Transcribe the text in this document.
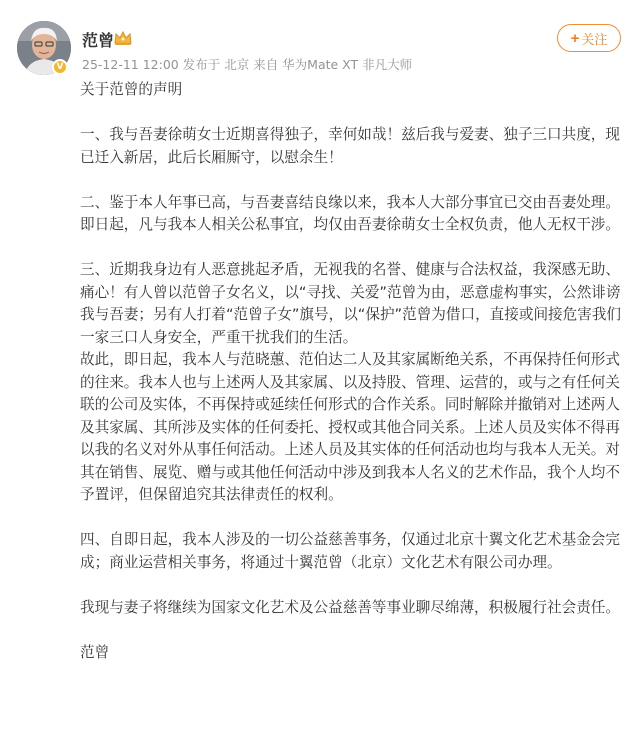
V
范曾
25-12-11 12:00 发布于 北京 来自 华为Mate XT 非凡大师
+ 关注

关于范曾的声明

一、我与吾妻徐萌女士近期喜得独子，幸何如哉！兹后我与爱妻、独子三口共度，现已迁入新居，此后长厢厮守，以慰余生！

二、鉴于本人年事已高，与吾妻喜结良缘以来，我本人大部分事宜已交由吾妻处理。即日起，凡与我本人相关公私事宜，均仅由吾妻徐萌女士全权负责，他人无权干涉。

三、近期我身边有人恶意挑起矛盾，无视我的名誉、健康与合法权益，我深感无助、痛心！有人曾以范曾子女名义，以“寻找、关爱”范曾为由，恶意虚构事实，公然诽谤我与吾妻；另有人打着“范曾子女”旗号，以“保护”范曾为借口，直接或间接危害我们一家三口人身安全，严重干扰我们的生活。

故此，即日起，我本人与范晓蕙、范伯达二人及其家属断绝关系，不再保持任何形式的往来。我本人也与上述两人及其家属、以及持股、管理、运营的，或与之有任何关联的公司及实体，不再保持或延续任何形式的合作关系。同时解除并撤销对上述两人及其家属、其所涉及实体的任何委托、授权或其他合同关系。上述人员及实体不得再以我的名义对外从事任何活动。上述人员及其实体的任何活动也均与我本人无关。对其在销售、展览、赠与或其他任何活动中涉及到我本人名义的艺术作品，我个人均不予置评，但保留追究其法律责任的权利。

四、自即日起，我本人涉及的一切公益慈善事务，仅通过北京十翼文化艺术基金会完成；商业运营相关事务，将通过十翼范曾（北京）文化艺术有限公司办理。

我现与妻子将继续为国家文化艺术及公益慈善等事业聊尽绵薄，积极履行社会责任。

范曾
